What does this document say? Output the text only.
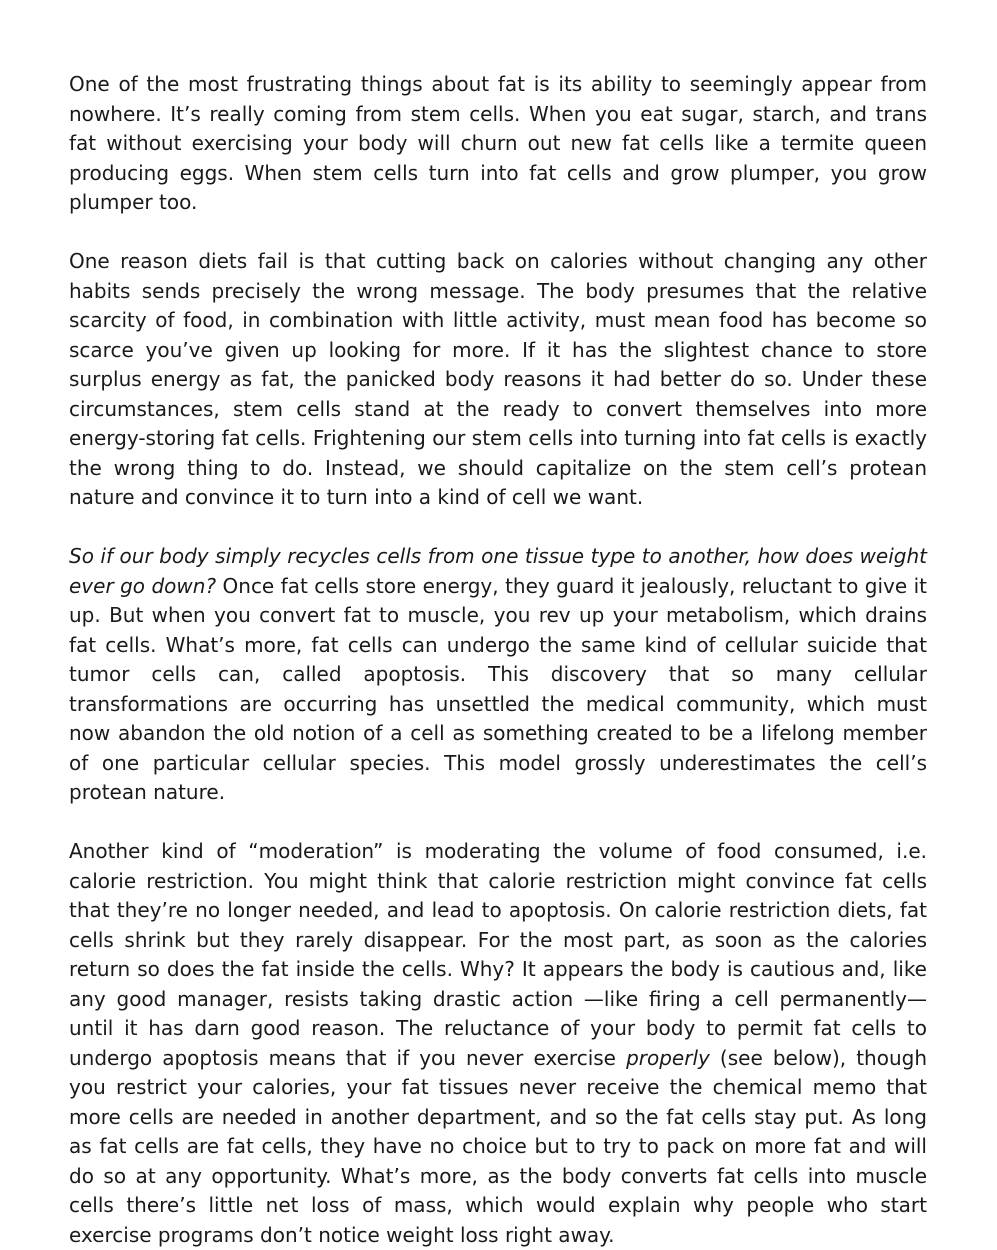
One of the most frustrating things about fat is its ability to seemingly appear from nowhere. It’s really coming from stem cells. When you eat sugar, starch, and trans fat without exercising your body will churn out new fat cells like a termite queen producing eggs. When stem cells turn into fat cells and grow plumper, you grow plumper too.

One reason diets fail is that cutting back on calories without changing any other habits sends precisely the wrong message. The body presumes that the relative scarcity of food, in combination with little activity, must mean food has become so scarce you’ve given up looking for more. If it has the slightest chance to store surplus energy as fat, the panicked body reasons it had better do so. Under these circumstances, stem cells stand at the ready to convert themselves into more energy-storing fat cells. Frightening our stem cells into turning into fat cells is exactly the wrong thing to do. Instead, we should capitalize on the stem cell’s protean nature and convince it to turn into a kind of cell we want.

So if our body simply recycles cells from one tissue type to another, how does weight ever go down? Once fat cells store energy, they guard it jealously, reluctant to give it up. But when you convert fat to muscle, you rev up your metabolism, which drains fat cells. What’s more, fat cells can undergo the same kind of cellular suicide that tumor cells can, called apoptosis. This discovery that so many cellular transformations are occurring has unsettled the medical community, which must now abandon the old notion of a cell as something created to be a lifelong member of one particular cellular species. This model grossly underestimates the cell’s protean nature.

Another kind of “moderation” is moderating the volume of food consumed, i.e. calorie restriction. You might think that calorie restriction might convince fat cells that they’re no longer needed, and lead to apoptosis. On calorie restriction diets, fat cells shrink but they rarely disappear. For the most part, as soon as the calories return so does the fat inside the cells. Why? It appears the body is cautious and, like any good manager, resists taking drastic action —like firing a cell permanently— until it has darn good reason. The reluctance of your body to permit fat cells to undergo apoptosis means that if you never exercise properly (see below), though you restrict your calories, your fat tissues never receive the chemical memo that more cells are needed in another department, and so the fat cells stay put. As long as fat cells are fat cells, they have no choice but to try to pack on more fat and will do so at any opportunity. What’s more, as the body converts fat cells into muscle cells there’s little net loss of mass, which would explain why people who start exercise programs don’t notice weight loss right away.
